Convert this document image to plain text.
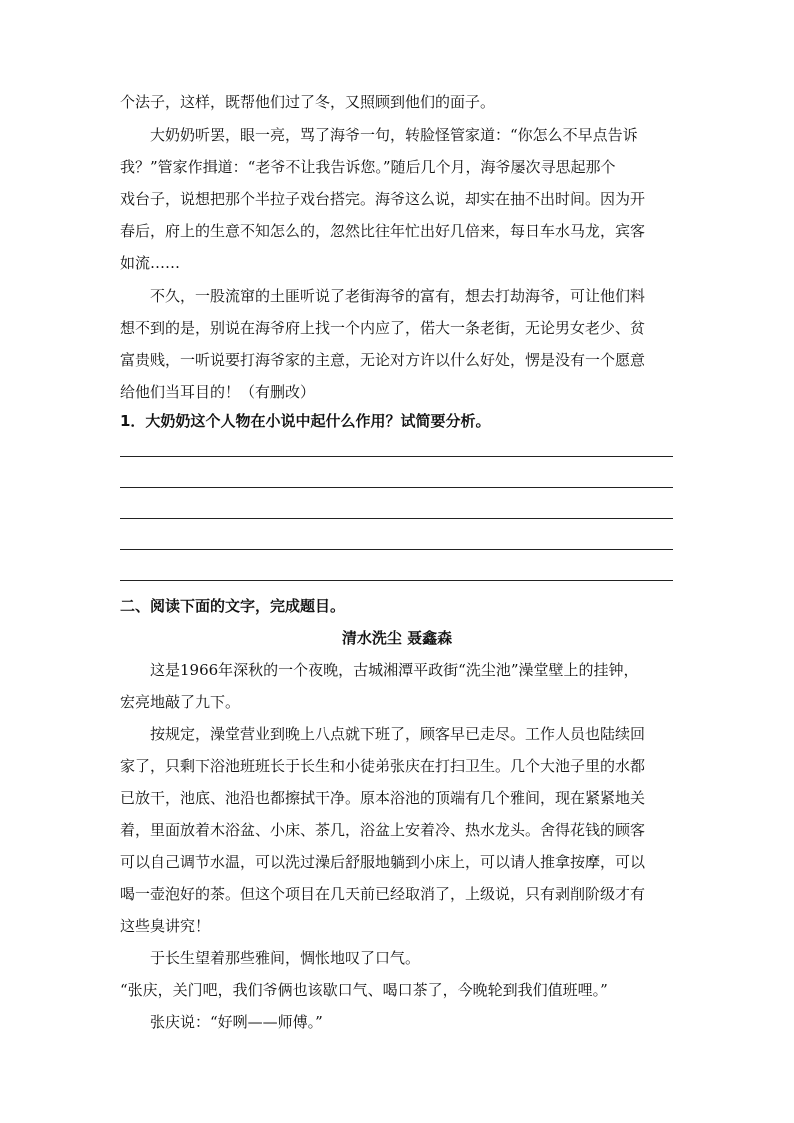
个法子，这样，既帮他们过了冬，又照顾到他们的面子。
大奶奶听罢，眼一亮，骂了海爷一句，转脸怪管家道：“你怎么不早点告诉
我？”管家作揖道：“老爷不让我告诉您。”随后几个月，海爷屡次寻思起那个
戏台子，说想把那个半拉子戏台搭完。海爷这么说，却实在抽不出时间。因为开
春后，府上的生意不知怎么的，忽然比往年忙出好几倍来，每日车水马龙，宾客
如流……
不久，一股流窜的土匪听说了老街海爷的富有，想去打劫海爷，可让他们料
想不到的是，别说在海爷府上找一个内应了，偌大一条老街，无论男女老少、贫
富贵贱，一听说要打海爷家的主意，无论对方许以什么好处，愣是没有一个愿意
给他们当耳目的！（有删改）
1．大奶奶这个人物在小说中起什么作用？试简要分析。
二、阅读下面的文字，完成题目。
清水洗尘 聂鑫森
这是1966年深秋的一个夜晚，古城湘潭平政街“洗尘池”澡堂壁上的挂钟，
宏亮地敲了九下。
按规定，澡堂营业到晚上八点就下班了，顾客早已走尽。工作人员也陆续回
家了，只剩下浴池班班长于长生和小徒弟张庆在打扫卫生。几个大池子里的水都
已放干，池底、池沿也都擦拭干净。原本浴池的顶端有几个雅间，现在紧紧地关
着，里面放着木浴盆、小床、茶几，浴盆上安着冷、热水龙头。舍得花钱的顾客
可以自己调节水温，可以洗过澡后舒服地躺到小床上，可以请人推拿按摩，可以
喝一壶泡好的茶。但这个项目在几天前已经取消了，上级说，只有剥削阶级才有
这些臭讲究！
于长生望着那些雅间，惆怅地叹了口气。
“张庆，关门吧，我们爷俩也该歇口气、喝口茶了，今晚轮到我们值班哩。”
张庆说：“好咧——师傅。”
